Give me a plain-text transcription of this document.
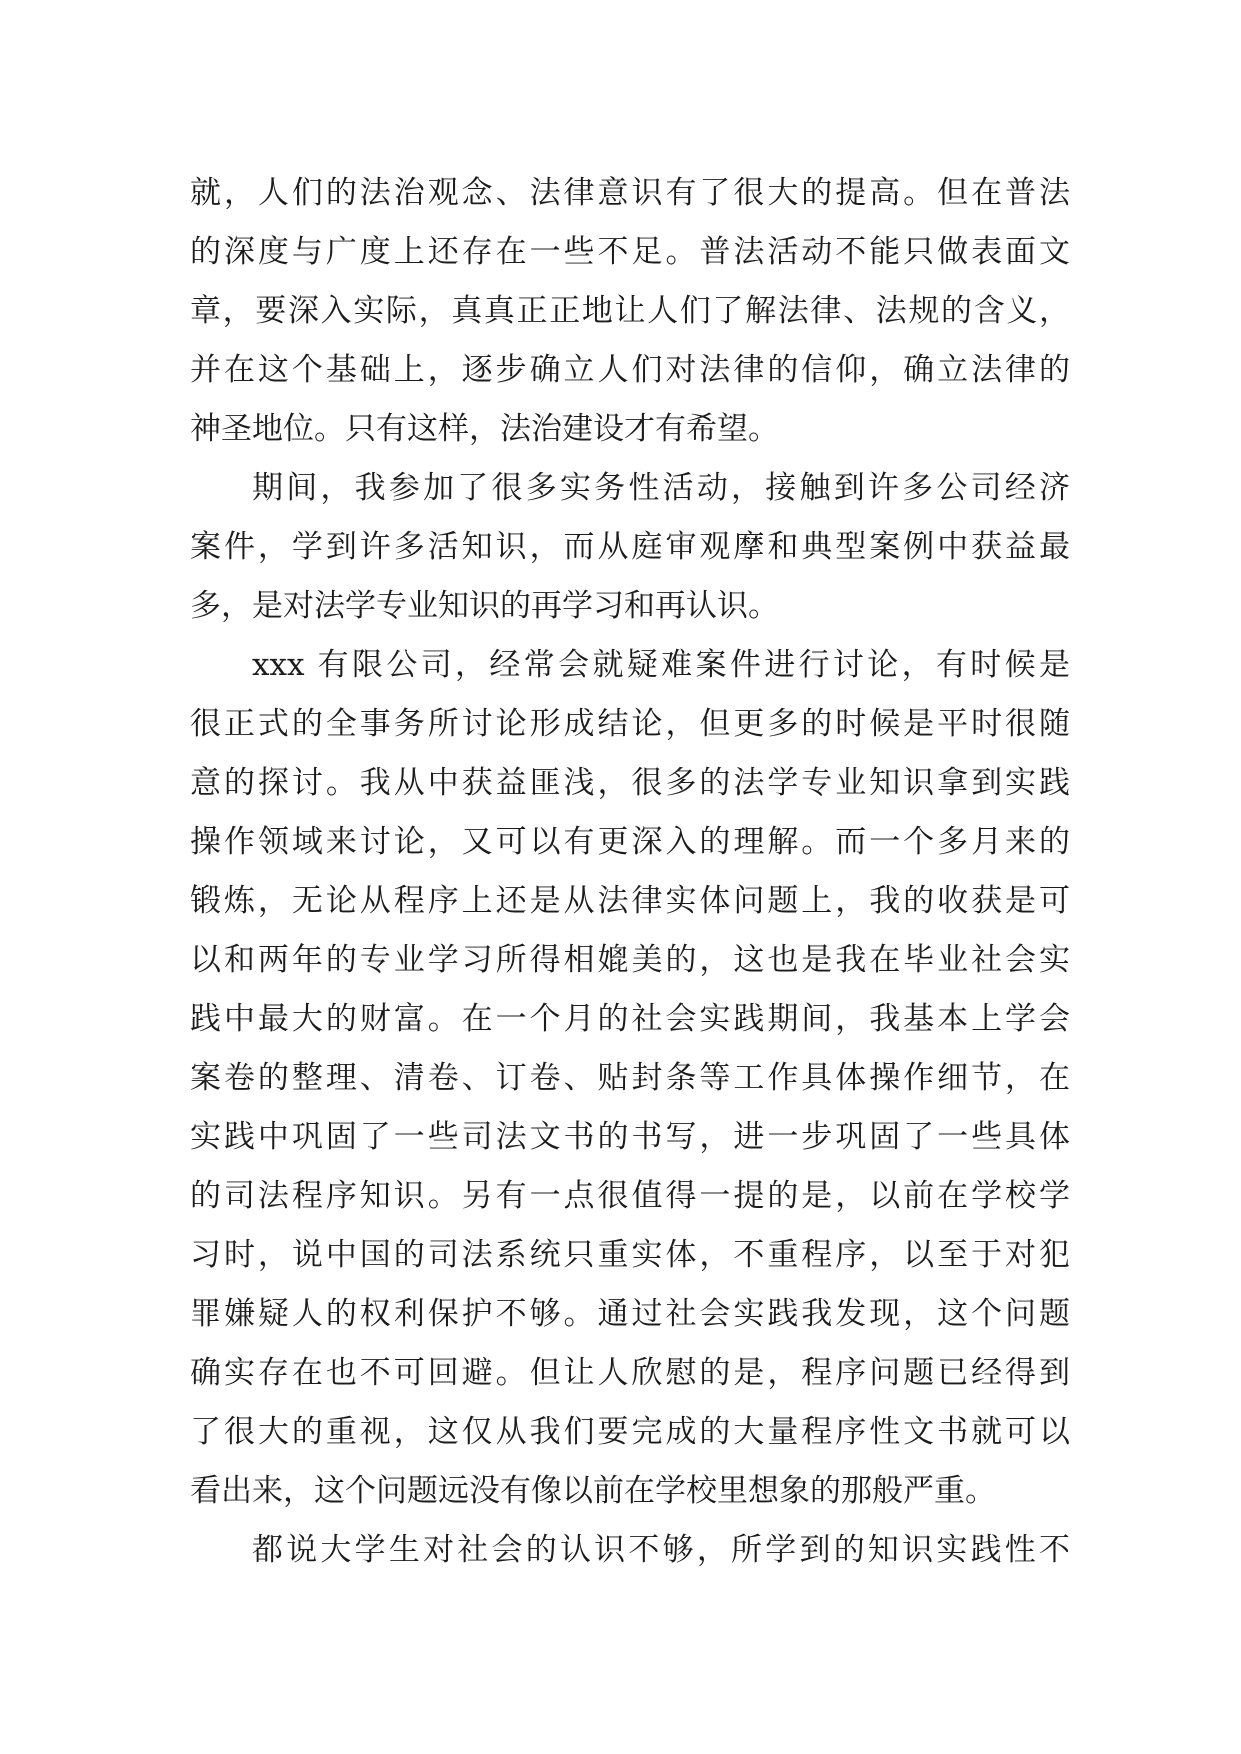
就，人们的法治观念、法律意识有了很大的提高。但在普法
的深度与广度上还存在一些不足。普法活动不能只做表面文
章，要深入实际，真真正正地让人们了解法律、法规的含义，
并在这个基础上，逐步确立人们对法律的信仰，确立法律的
神圣地位。只有这样，法治建设才有希望。
期间，我参加了很多实务性活动，接触到许多公司经济
案件，学到许多活知识，而从庭审观摩和典型案例中获益最
多，是对法学专业知识的再学习和再认识。
xxx 有限公司，经常会就疑难案件进行讨论，有时候是
很正式的全事务所讨论形成结论，但更多的时候是平时很随
意的探讨。我从中获益匪浅，很多的法学专业知识拿到实践
操作领域来讨论，又可以有更深入的理解。而一个多月来的
锻炼，无论从程序上还是从法律实体问题上，我的收获是可
以和两年的专业学习所得相媲美的，这也是我在毕业社会实
践中最大的财富。在一个月的社会实践期间，我基本上学会
案卷的整理、清卷、订卷、贴封条等工作具体操作细节，在
实践中巩固了一些司法文书的书写，进一步巩固了一些具体
的司法程序知识。另有一点很值得一提的是，以前在学校学
习时，说中国的司法系统只重实体，不重程序，以至于对犯
罪嫌疑人的权利保护不够。通过社会实践我发现，这个问题
确实存在也不可回避。但让人欣慰的是，程序问题已经得到
了很大的重视，这仅从我们要完成的大量程序性文书就可以
看出来，这个问题远没有像以前在学校里想象的那般严重。
都说大学生对社会的认识不够，所学到的知识实践性不
